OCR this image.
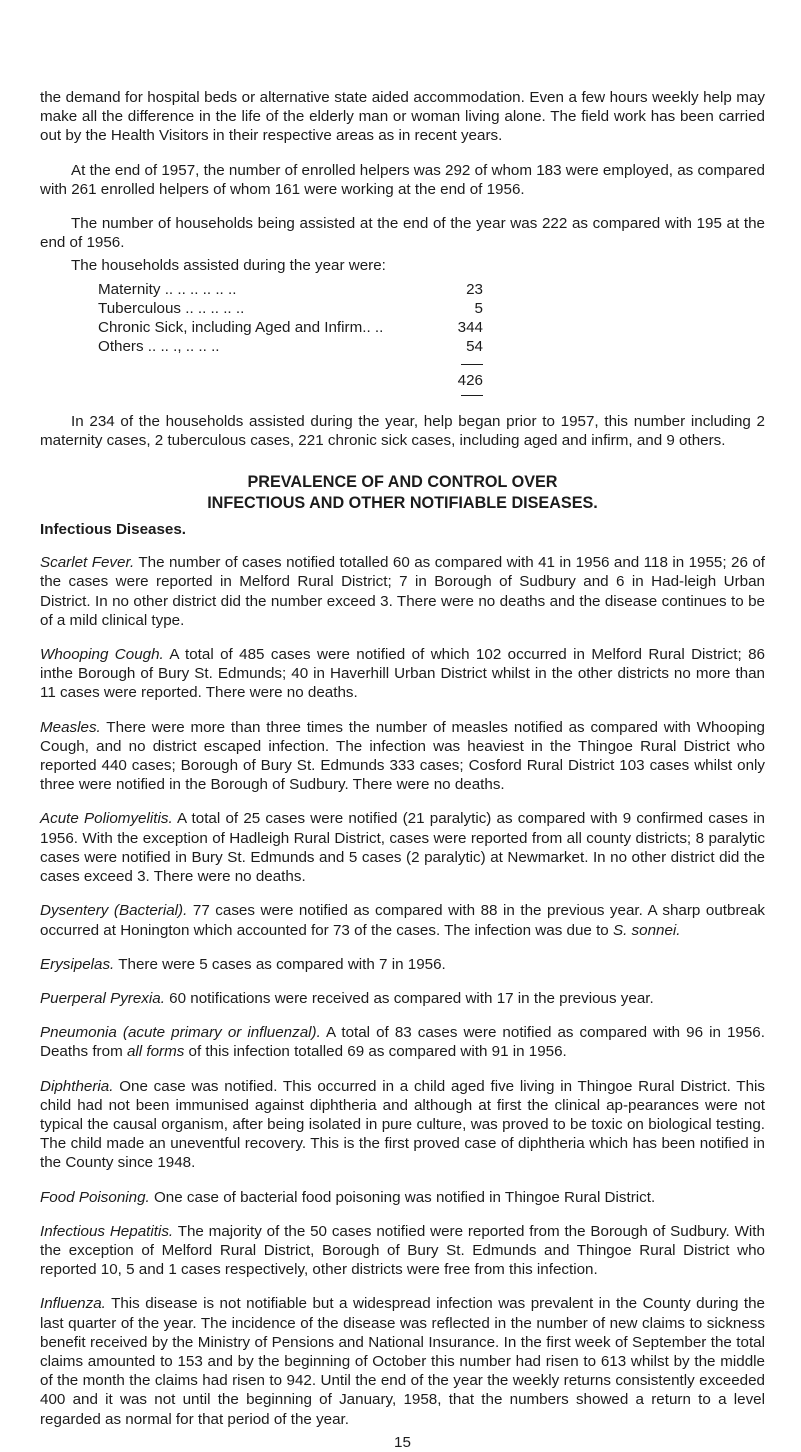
the demand for hospital beds or alternative state aided accommodation. Even a few hours weekly help may make all the difference in the life of the elderly man or woman living alone. The field work has been carried out by the Health Visitors in their respective areas as in recent years.

At the end of 1957, the number of enrolled helpers was 292 of whom 183 were employed, as compared with 261 enrolled helpers of whom 161 were working at the end of 1956.

The number of households being assisted at the end of the year was 222 as compared with 195 at the end of 1956.

The households assisted during the year were:
Maternity .. .. .. .. .. ..	23
Tuberculous .. .. .. .. ..	5
Chronic Sick, including Aged and Infirm.. ..	344
Others .. .. ., .. .. ..	54

	426

In 234 of the households assisted during the year, help began prior to 1957, this number including 2 maternity cases, 2 tuberculous cases, 221 chronic sick cases, including aged and infirm, and 9 others.

PREVALENCE OF AND CONTROL OVER
INFECTIOUS AND OTHER NOTIFIABLE DISEASES.
Infectious Diseases.

Scarlet Fever. The number of cases notified totalled 60 as compared with 41 in 1956 and 118 in 1955; 26 of the cases were reported in Melford Rural District; 7 in Borough of Sudbury and 6 in Had-leigh Urban District. In no other district did the number exceed 3. There were no deaths and the disease continues to be of a mild clinical type.

Whooping Cough. A total of 485 cases were notified of which 102 occurred in Melford Rural District; 86 inthe Borough of Bury St. Edmunds; 40 in Haverhill Urban District whilst in the other districts no more than 11 cases were reported. There were no deaths.

Measles. There were more than three times the number of measles notified as compared with Whooping Cough, and no district escaped infection. The infection was heaviest in the Thingoe Rural District who reported 440 cases; Borough of Bury St. Edmunds 333 cases; Cosford Rural District 103 cases whilst only three were notified in the Borough of Sudbury. There were no deaths.

Acute Poliomyelitis. A total of 25 cases were notified (21 paralytic) as compared with 9 confirmed cases in 1956. With the exception of Hadleigh Rural District, cases were reported from all county districts; 8 paralytic cases were notified in Bury St. Edmunds and 5 cases (2 paralytic) at Newmarket. In no other district did the cases exceed 3. There were no deaths.

Dysentery (Bacterial). 77 cases were notified as compared with 88 in the previous year. A sharp outbreak occurred at Honington which accounted for 73 of the cases. The infection was due to S. sonnei.

Erysipelas. There were 5 cases as compared with 7 in 1956.

Puerperal Pyrexia. 60 notifications were received as compared with 17 in the previous year.

Pneumonia (acute primary or influenzal). A total of 83 cases were notified as compared with 96 in 1956. Deaths from all forms of this infection totalled 69 as compared with 91 in 1956.

Diphtheria. One case was notified. This occurred in a child aged five living in Thingoe Rural District. This child had not been immunised against diphtheria and although at first the clinical ap-pearances were not typical the causal organism, after being isolated in pure culture, was proved to be toxic on biological testing. The child made an uneventful recovery. This is the first proved case of diphtheria which has been notified in the County since 1948.

Food Poisoning. One case of bacterial food poisoning was notified in Thingoe Rural District.

Infectious Hepatitis. The majority of the 50 cases notified were reported from the Borough of Sudbury. With the exception of Melford Rural District, Borough of Bury St. Edmunds and Thingoe Rural District who reported 10, 5 and 1 cases respectively, other districts were free from this infection.

Influenza. This disease is not notifiable but a widespread infection was prevalent in the County during the last quarter of the year. The incidence of the disease was reflected in the number of new claims to sickness benefit received by the Ministry of Pensions and National Insurance. In the first week of September the total claims amounted to 153 and by the beginning of October this number had risen to 613 whilst by the middle of the month the claims had risen to 942. Until the end of the year the weekly returns consistently exceeded 400 and it was not until the beginning of January, 1958, that the numbers showed a return to a level regarded as normal for that period of the year.

15
